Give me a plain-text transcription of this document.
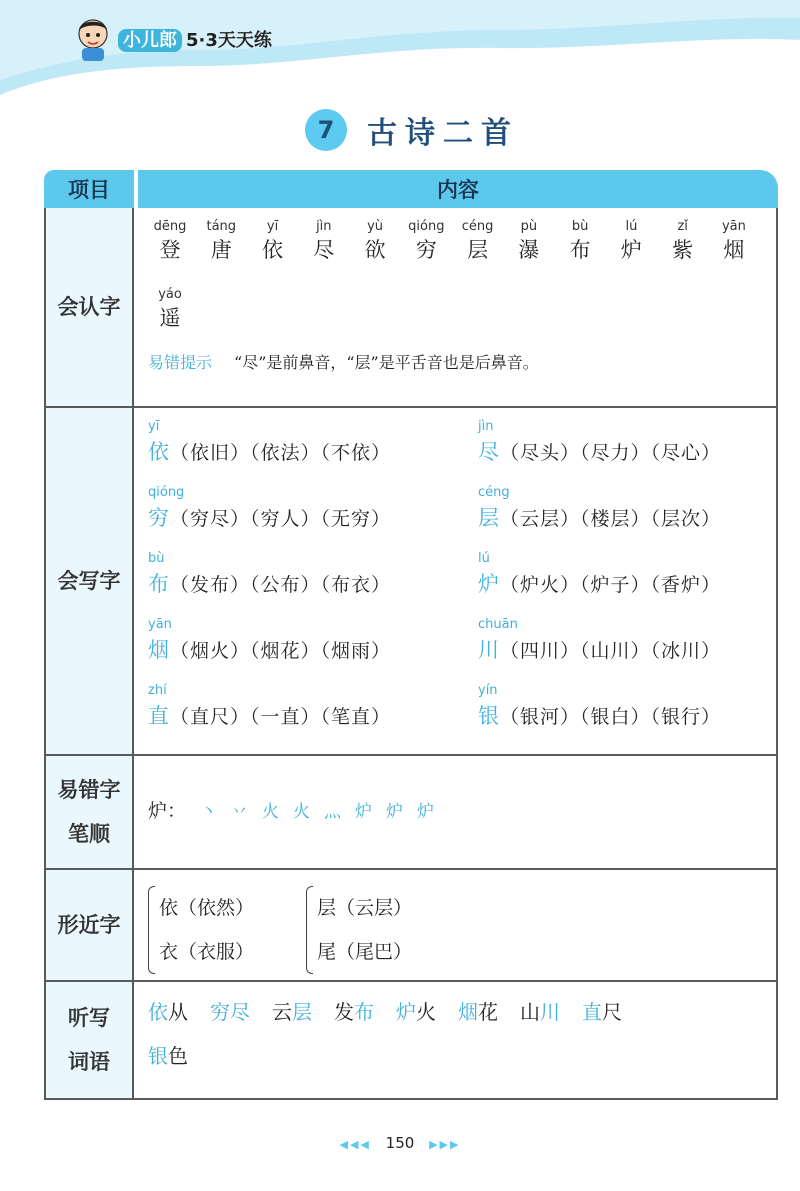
小儿郎 5·3天天练
7	古诗二首
项目	内容
会认字
dēng
登
táng
唐
yī
依
jìn
尽
yù
欲
qióng
穷
céng
层
pù
瀑
bù
布
lú
炉
zǐ
紫
yān
烟
yáo
遥
易错提示 “尽”是前鼻音，“层”是平舌音也是后鼻音。
会写字
yī
依（依旧）（依法）（不依）
jìn
尽（尽头）（尽力）（尽心）
qióng
穷（穷尽）（穷人）（无穷）
céng
层（云层）（楼层）（层次）
bù
布（发布）（公布）（布衣）
lú
炉（炉火）（炉子）（香炉）
yān
烟（烟火）（烟花）（烟雨）
chuān
川（四川）（山川）（冰川）
zhí
直（直尺）（一直）（笔直）
yín
银（银河）（银白）（银行）
易错字
笔顺
炉： 丶 丷 火 火 灬 炉 炉 炉
形近字
依（依然）
衣（衣服）
层（云层）
尾（尾巴）
听写
词语
依从 穷尽 云层 发布 炉火 烟花 山川 直尺
银色
◀◀◀ 150 ▶▶▶
